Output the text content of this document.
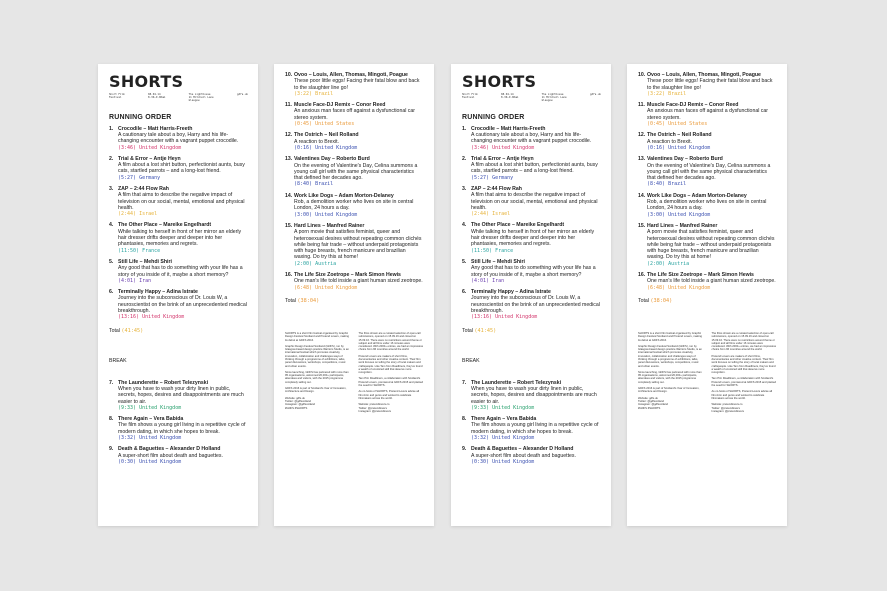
SHORTS
Short Film
Festival
08.04.14
8.30–9.00am
The Lighthouse
11 Mitchell Lane
Glasgow
gdfs.uk
RUNNING ORDER
1. Crocodile – Matt Harris-Freeth
A cautionary tale about a boy, Harry and his life-changing encounter with a vagrant puppet crocodile.
(3:46) United Kingdom
2. Trial & Error – Antje Heyn
A film about a lost shirt button, perfectionist aunts, busy cats, startled parrots – and a long-lost friend.
(5:27) Germany
3. ZAP – 2:44 Flow Rah
A film that aims to describe the negative impact of television on our social, mental, emotional and physical health.
(2:44) Israel
4. The Other Place – Mareike Engelhardt
While talking to herself in front of her mirror an elderly hair dresser drifts deeper and deeper into her phantasies, memories and regrets.
(11:50) France
5. Still Life – Mehdi Shiri
Any good that has to do something with your life has a story of you inside of it, maybe a short memory?
(4:01) Iran
6. Terminally Happy – Adina Istrate
Journey into the subconscious of Dr. Louis W, a neuroscientist on the brink of an unprecedented medical breakthrough.
(13:16) United Kingdom
Total (41:45)
BREAK
7. The Launderette – Robert Telezynski
When you have to wash your dirty linen in public, secrets, hopes, desires and disappointments are much easier to air.
(9:33) United Kingdom
8. There Again – Vera Babida
The film shows a young girl living in a repetitive cycle of modern dating, in which she hopes to break.
(3:32) United Kingdom
9. Death & Baguettes – Alexander D Holland
A super-short film about death and baguettes.
(0:30) United Kingdom
10. Ovoo – Louis, Allen, Thomas, Mingoti, Poague
These poor little eggs! Facing their fatal blow and back to the slaughter line go!
(3:22) Brazil
11. Muscle Face-DJ Remix – Conor Reed
An anxious man faces off against a dysfunctional car stereo system.
(0:45) United States
12. The Ostrich – Neil Rolland
A reaction to Brexit.
(0:16) United Kingdom
13. Valentines Day – Roberto Burd
On the evening of Valentine's Day, Celina summons a young call girl with the same physical characteristics that defined her decades ago.
(8:40) Brazil
14. Work Like Dogs – Adam Morton-Delaney
Rob, a demolition worker who lives on site in central London, 24 hours a day.
(3:00) United Kingdom
15. Hard Lines – Manfred Rainer
A porn movie that satisfies feminist, queer and heterosexual desires without repeating common clichés while being fair trade – without underpaid protagonists with huge breasts, french manicure and brazilian waxing. Do try this at home!
(2:00) Austria
16. The Life Size Zoetrope – Mark Simon Hewis
One man's life told inside a giant human sized zeotrope.
(6:48) United Kingdom
Total (38:04)

SHORTS is a short film festival organised by Graphic Design Festival Scotland and Pretend Lovers, making its debut at GDFS 2016.

Graphic Design Festival Scotland (GDFS), run by Glasgow-based design practice Warriors Studio, is an international festival which promotes creativity, innovation, collaboration and challenges ways of thinking through a programme of exhibitions, talks, panel discussions, workshops, competitions, music and urban events.

Since launching, GDFS has partnered with more than 95 organisations, welcomed 20,000+ participants, attendees and visitors, with the 2015 programme completely selling out.

GDFS 2016 is part of Scotland's Year of Innovation, Architecture and Design.

Website: gdfs.uk
Twitter: @gdfscotland
Instagram: @gdfscotland
#GDFS #SHORTS

The films shown are a curated selection of open-call submissions, opened on 15.09.16 and closed on 15.09.16. There were no restrictions around theme or subject and all films under 16 minutes were considered. With 2000+ entries, we had an impressive choice from 96 countries around the world.

Pretend Lovers are makers of short films, documentaries and other creative content. Their film work focuses on telling the story of local makers and craftspeople. Like Tam from Roadliners, they've found a wealth of unnoticed skill that deserve more recognition.

Tam Pirn Roadliners, a collaboration with Scotland's Pretend Lovers, premiered at GDFS 2015 and planted the seed for SHORTS.

As co-hosts of SHORTS, Pretend Lovers advise all film-form and genre and worked to celebrate filmmakers across the world.

Website: pretendlovers.co
Twitter: @pretendlovers
Instagram: @pretendlovers

SHORTS
Short Film
Festival
08.04.14
8.30–9.00am
The Lighthouse
11 Mitchell Lane
Glasgow
gdfs.uk
RUNNING ORDER
1. Crocodile – Matt Harris-Freeth
A cautionary tale about a boy, Harry and his life-changing encounter with a vagrant puppet crocodile.
(3:46) United Kingdom
2. Trial & Error – Antje Heyn
A film about a lost shirt button, perfectionist aunts, busy cats, startled parrots – and a long-lost friend.
(5:27) Germany
3. ZAP – 2:44 Flow Rah
A film that aims to describe the negative impact of television on our social, mental, emotional and physical health.
(2:44) Israel
4. The Other Place – Mareike Engelhardt
While talking to herself in front of her mirror an elderly hair dresser drifts deeper and deeper into her phantasies, memories and regrets.
(11:50) France
5. Still Life – Mehdi Shiri
Any good that has to do something with your life has a story of you inside of it, maybe a short memory?
(4:01) Iran
6. Terminally Happy – Adina Istrate
Journey into the subconscious of Dr. Louis W, a neuroscientist on the brink of an unprecedented medical breakthrough.
(13:16) United Kingdom
Total (41:45)
BREAK
7. The Launderette – Robert Telezynski
When you have to wash your dirty linen in public, secrets, hopes, desires and disappointments are much easier to air.
(9:33) United Kingdom
8. There Again – Vera Babida
The film shows a young girl living in a repetitive cycle of modern dating, in which she hopes to break.
(3:32) United Kingdom
9. Death & Baguettes – Alexander D Holland
A super-short film about death and baguettes.
(0:30) United Kingdom
10. Ovoo – Louis, Allen, Thomas, Mingoti, Poague
These poor little eggs! Facing their fatal blow and back to the slaughter line go!
(3:22) Brazil
11. Muscle Face-DJ Remix – Conor Reed
An anxious man faces off against a dysfunctional car stereo system.
(0:45) United States
12. The Ostrich – Neil Rolland
A reaction to Brexit.
(0:16) United Kingdom
13. Valentines Day – Roberto Burd
On the evening of Valentine's Day, Celina summons a young call girl with the same physical characteristics that defined her decades ago.
(8:40) Brazil
14. Work Like Dogs – Adam Morton-Delaney
Rob, a demolition worker who lives on site in central London, 24 hours a day.
(3:00) United Kingdom
15. Hard Lines – Manfred Rainer
A porn movie that satisfies feminist, queer and heterosexual desires without repeating common clichés while being fair trade – without underpaid protagonists with huge breasts, french manicure and brazilian waxing. Do try this at home!
(2:00) Austria
16. The Life Size Zoetrope – Mark Simon Hewis
One man's life told inside a giant human sized zeotrope.
(6:48) United Kingdom
Total (38:04)

SHORTS is a short film festival organised by Graphic Design Festival Scotland and Pretend Lovers, making its debut at GDFS 2016.

Graphic Design Festival Scotland (GDFS), run by Glasgow-based design practice Warriors Studio, is an international festival which promotes creativity, innovation, collaboration and challenges ways of thinking through a programme of exhibitions, talks, panel discussions, workshops, competitions, music and urban events.

Since launching, GDFS has partnered with more than 95 organisations, welcomed 20,000+ participants, attendees and visitors, with the 2015 programme completely selling out.

GDFS 2016 is part of Scotland's Year of Innovation, Architecture and Design.

Website: gdfs.uk
Twitter: @gdfscotland
Instagram: @gdfscotland
#GDFS #SHORTS

The films shown are a curated selection of open-call submissions, opened on 15.09.16 and closed on 15.09.16. There were no restrictions around theme or subject and all films under 16 minutes were considered. With 2000+ entries, we had an impressive choice from 96 countries around the world.

Pretend Lovers are makers of short films, documentaries and other creative content. Their film work focuses on telling the story of local makers and craftspeople. Like Tam from Roadliners, they've found a wealth of unnoticed skill that deserve more recognition.

Tam Pirn Roadliners, a collaboration with Scotland's Pretend Lovers, premiered at GDFS 2015 and planted the seed for SHORTS.

As co-hosts of SHORTS, Pretend Lovers advise all film-form and genre and worked to celebrate filmmakers across the world.

Website: pretendlovers.co
Twitter: @pretendlovers
Instagram: @pretendlovers
